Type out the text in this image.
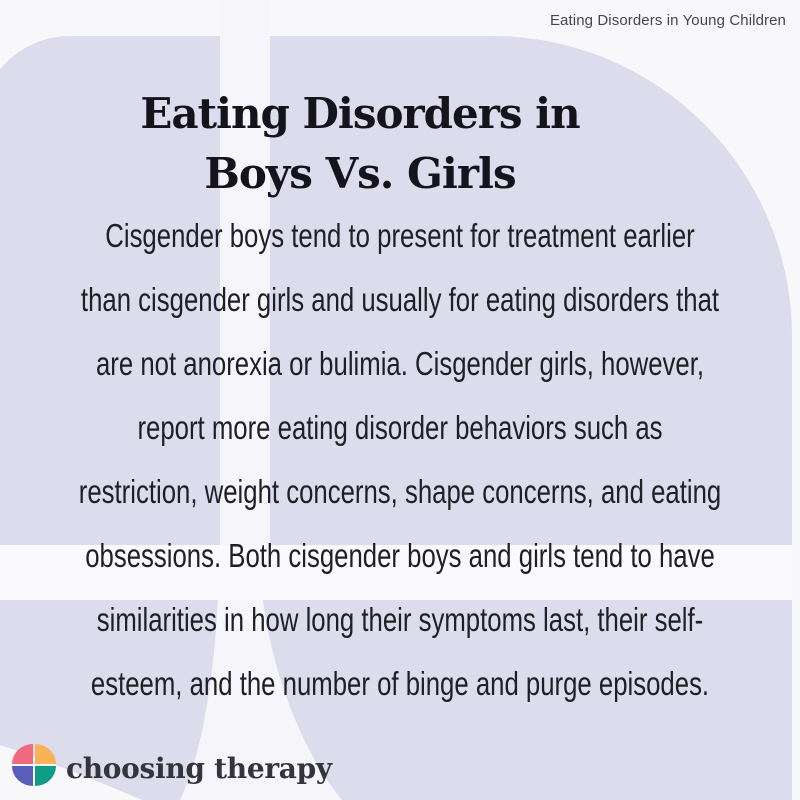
Eating Disorders in Young Children
Eating Disorders in
Boys Vs. Girls
Cisgender boys tend to present for treatment earlier
than cisgender girls and usually for eating disorders that
are not anorexia or bulimia. Cisgender girls, however,
report more eating disorder behaviors such as
restriction, weight concerns, shape concerns, and eating
obsessions. Both cisgender boys and girls tend to have
similarities in how long their symptoms last, their self-
esteem, and the number of binge and purge episodes.
choosing therapy
